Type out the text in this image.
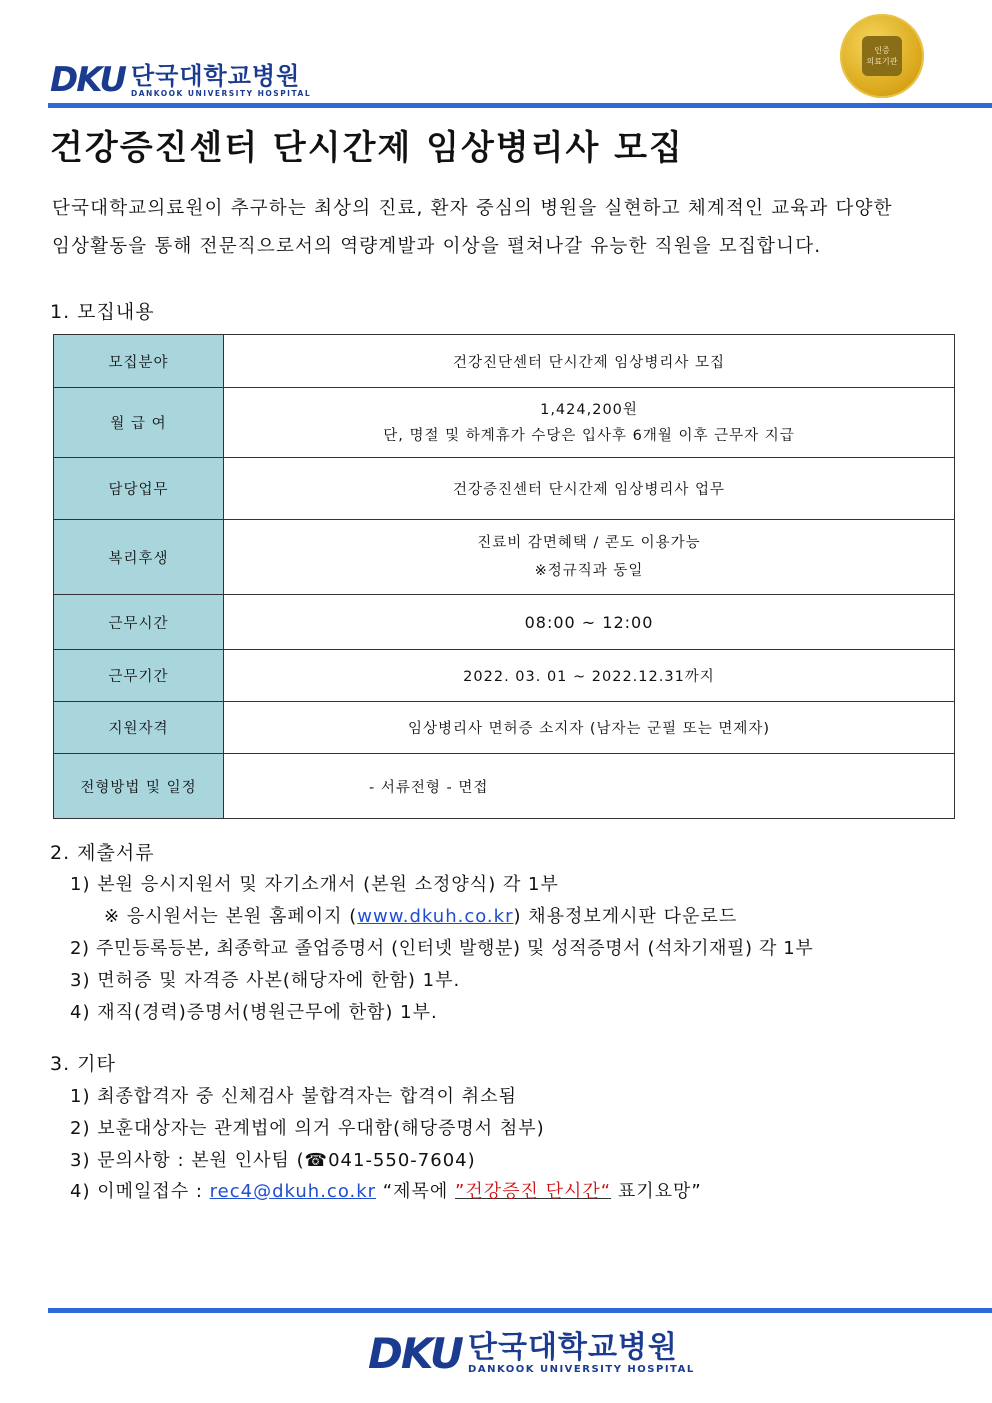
DKU 단국대학교병원
DANKOOK UNIVERSITY HOSPITAL
인증
의료기관
건강증진센터 단시간제 임상병리사 모집
단국대학교의료원이 추구하는 최상의 진료, 환자 중심의 병원을 실현하고 체계적인 교육과 다양한
임상활동을 통해 전문직으로서의 역량계발과 이상을 펼쳐나갈 유능한 직원을 모집합니다.
1. 모집내용
모집분야	건강진단센터 단시간제 임상병리사 모집
월 급 여	1,424,200원
단, 명절 및 하계휴가 수당은 입사후 6개월 이후 근무자 지급

담당업무	건강증진센터 단시간제 임상병리사 업무
복리후생	진료비 감면혜택 / 콘도 이용가능
※정규직과 동일

근무시간	08:00 ~ 12:00
근무기간	2022. 03. 01 ~ 2022.12.31까지
지원자격	임상병리사 면허증 소지자 (남자는 군필 또는 면제자)
전형방법 및 일정	- 서류전형 - 면접
2. 제출서류
1) 본원 응시지원서 및 자기소개서 (본원 소정양식) 각 1부
※ 응시원서는 본원 홈페이지 (www.dkuh.co.kr) 채용정보게시판 다운로드
2) 주민등록등본, 최종학교 졸업증명서 (인터넷 발행분) 및 성적증명서 (석차기재필) 각 1부
3) 면허증 및 자격증 사본(해당자에 한함) 1부.
4) 재직(경력)증명서(병원근무에 한함) 1부.
3. 기타
1) 최종합격자 중 신체검사 불합격자는 합격이 취소됨
2) 보훈대상자는 관계법에 의거 우대함(해당증명서 첨부)
3) 문의사항 : 본원 인사팀 (☎041-550-7604)
4) 이메일접수 : rec4@dkuh.co.kr “제목에 ”건강증진 단시간“ 표기요망”
DKU 단국대학교병원
DANKOOK UNIVERSITY HOSPITAL
